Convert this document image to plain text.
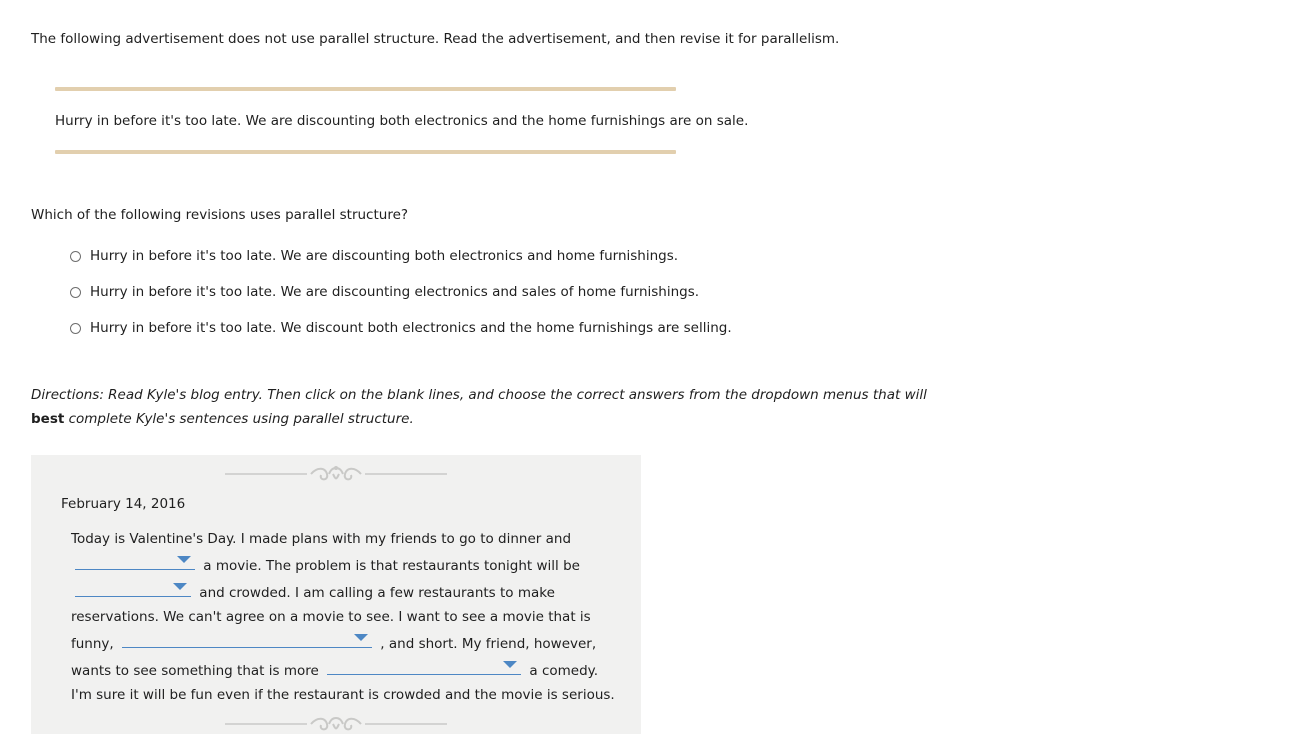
The following advertisement does not use parallel structure. Read the advertisement, and then revise it for parallelism.

Hurry in before it's too late. We are discounting both electronics and the home furnishings are on sale.

Which of the following revisions uses parallel structure?

Hurry in before it's too late. We are discounting both electronics and home furnishings.
Hurry in before it's too late. We are discounting electronics and sales of home furnishings.
Hurry in before it's too late. We discount both electronics and the home furnishings are selling.

Directions: Read Kyle's blog entry. Then click on the blank lines, and choose the correct answers from the dropdown menus that will best complete Kyle's sentences using parallel structure.

February 14, 2016

Today is Valentine's Day. I made plans with my friends to go to dinner and
a movie. The problem is that restaurants tonight will be
and crowded. I am calling a few restaurants to make reservations. We can't agree on a movie to see. I want to see a movie that is funny,	, and short. My friend, however, wants to see something that is more	a comedy. I'm sure it will be fun even if the restaurant is crowded and the movie is serious.
